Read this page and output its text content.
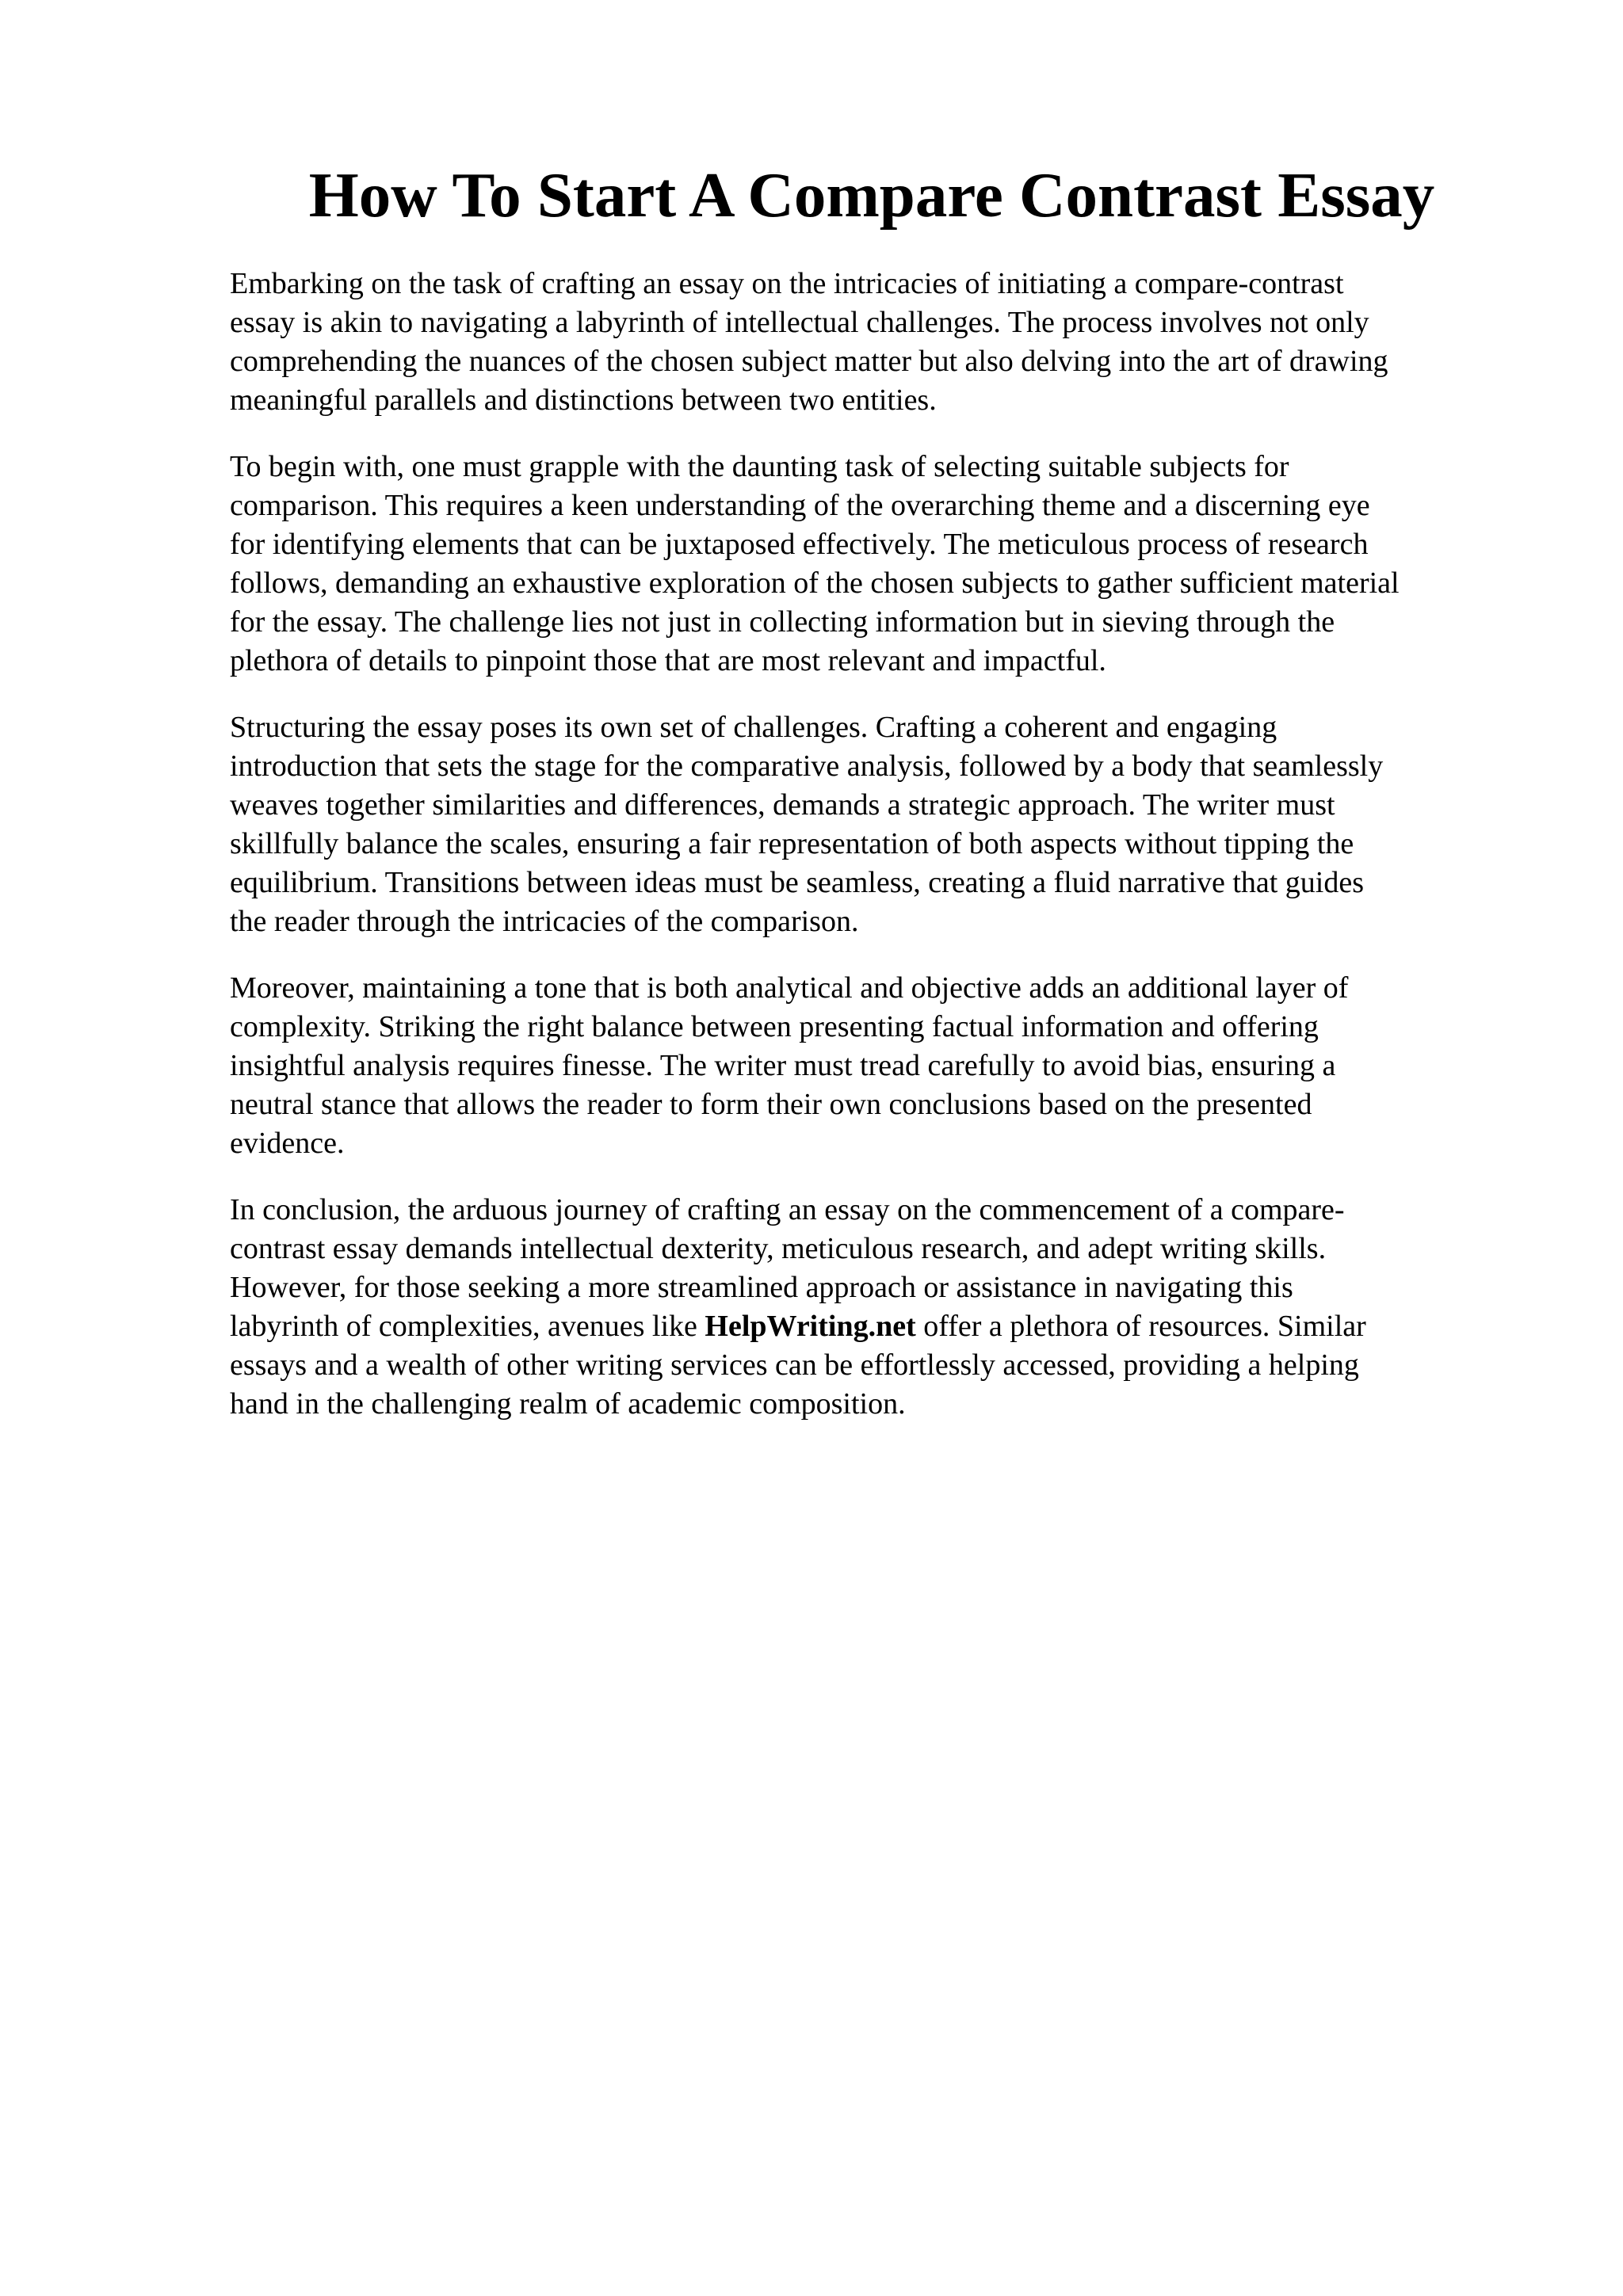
How To Start A Compare Contrast Essay

Embarking on the task of crafting an essay on the intricacies of initiating a compare-contrast
essay is akin to navigating a labyrinth of intellectual challenges. The process involves not only
comprehending the nuances of the chosen subject matter but also delving into the art of drawing
meaningful parallels and distinctions between two entities.

To begin with, one must grapple with the daunting task of selecting suitable subjects for
comparison. This requires a keen understanding of the overarching theme and a discerning eye
for identifying elements that can be juxtaposed effectively. The meticulous process of research
follows, demanding an exhaustive exploration of the chosen subjects to gather sufficient material
for the essay. The challenge lies not just in collecting information but in sieving through the
plethora of details to pinpoint those that are most relevant and impactful.

Structuring the essay poses its own set of challenges. Crafting a coherent and engaging
introduction that sets the stage for the comparative analysis, followed by a body that seamlessly
weaves together similarities and differences, demands a strategic approach. The writer must
skillfully balance the scales, ensuring a fair representation of both aspects without tipping the
equilibrium. Transitions between ideas must be seamless, creating a fluid narrative that guides
the reader through the intricacies of the comparison.

Moreover, maintaining a tone that is both analytical and objective adds an additional layer of
complexity. Striking the right balance between presenting factual information and offering
insightful analysis requires finesse. The writer must tread carefully to avoid bias, ensuring a
neutral stance that allows the reader to form their own conclusions based on the presented
evidence.

In conclusion, the arduous journey of crafting an essay on the commencement of a compare-
contrast essay demands intellectual dexterity, meticulous research, and adept writing skills.
However, for those seeking a more streamlined approach or assistance in navigating this
labyrinth of complexities, avenues like HelpWriting.net offer a plethora of resources. Similar
essays and a wealth of other writing services can be effortlessly accessed, providing a helping
hand in the challenging realm of academic composition.
